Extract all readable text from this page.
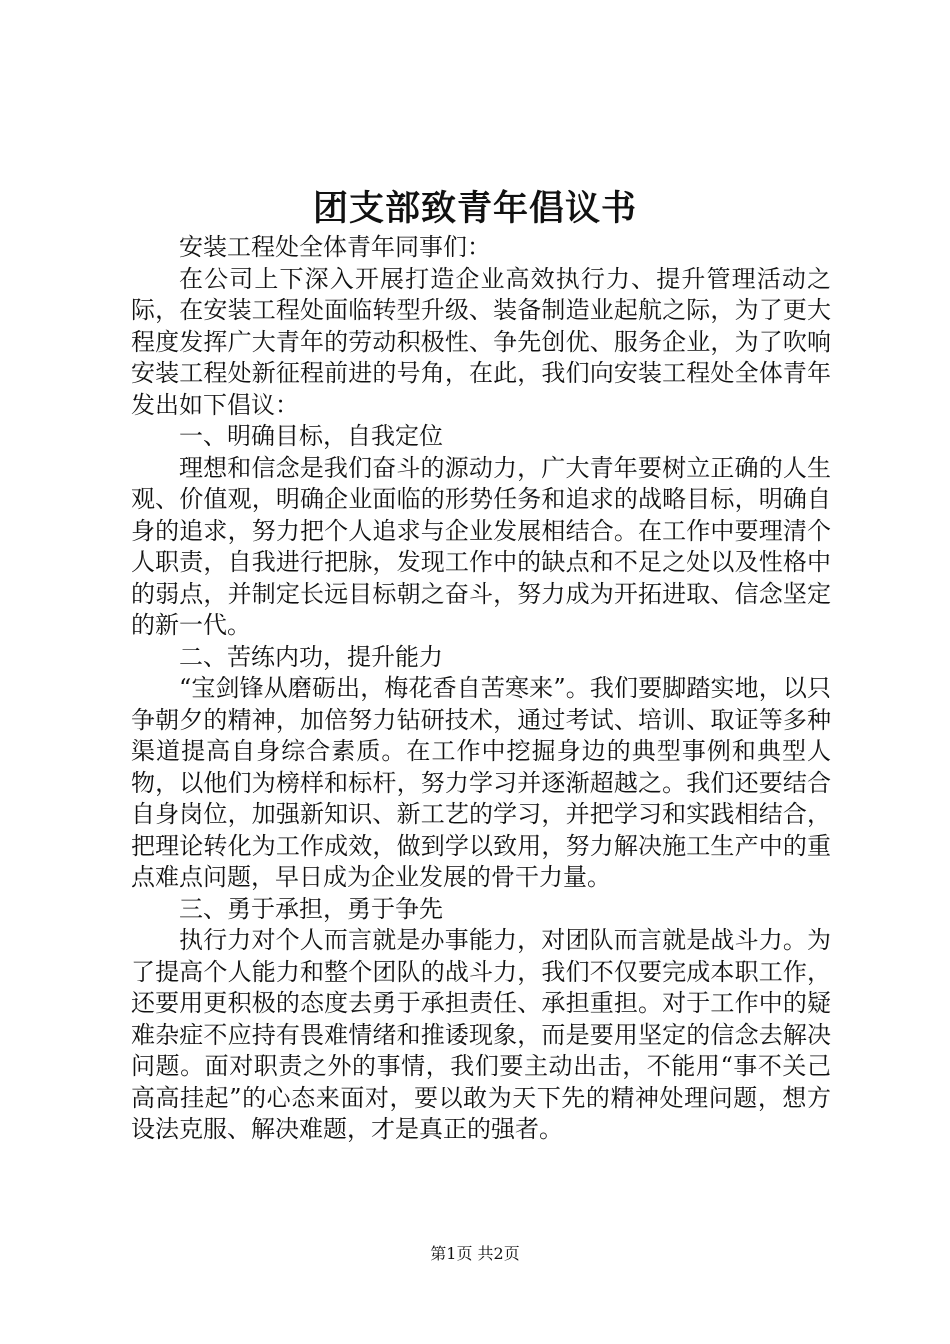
团支部致青年倡议书

安装工程处全体青年同事们：

在公司上下深入开展打造企业高效执行力、提升管理活动之际，在安装工程处面临转型升级、装备制造业起航之际，为了更大程度发挥广大青年的劳动积极性、争先创优、服务企业，为了吹响安装工程处新征程前进的号角，在此，我们向安装工程处全体青年发出如下倡议：

一、明确目标，自我定位

理想和信念是我们奋斗的源动力，广大青年要树立正确的人生观、价值观，明确企业面临的形势任务和追求的战略目标，明确自身的追求，努力把个人追求与企业发展相结合。在工作中要理清个人职责，自我进行把脉，发现工作中的缺点和不足之处以及性格中的弱点，并制定长远目标朝之奋斗，努力成为开拓进取、信念坚定的新一代。

二、苦练内功，提升能力

“宝剑锋从磨砺出，梅花香自苦寒来”。我们要脚踏实地，以只争朝夕的精神，加倍努力钻研技术，通过考试、培训、取证等多种渠道提高自身综合素质。在工作中挖掘身边的典型事例和典型人物，以他们为榜样和标杆，努力学习并逐渐超越之。我们还要结合自身岗位，加强新知识、新工艺的学习，并把学习和实践相结合，把理论转化为工作成效，做到学以致用，努力解决施工生产中的重点难点问题，早日成为企业发展的骨干力量。

三、勇于承担，勇于争先

执行力对个人而言就是办事能力，对团队而言就是战斗力。为了提高个人能力和整个团队的战斗力，我们不仅要完成本职工作，还要用更积极的态度去勇于承担责任、承担重担。对于工作中的疑难杂症不应持有畏难情绪和推诿现象，而是要用坚定的信念去解决问题。面对职责之外的事情，我们要主动出击，不能用“事不关己高高挂起”的心态来面对，要以敢为天下先的精神处理问题，想方设法克服、解决难题，才是真正的强者。

第1页 共2页
